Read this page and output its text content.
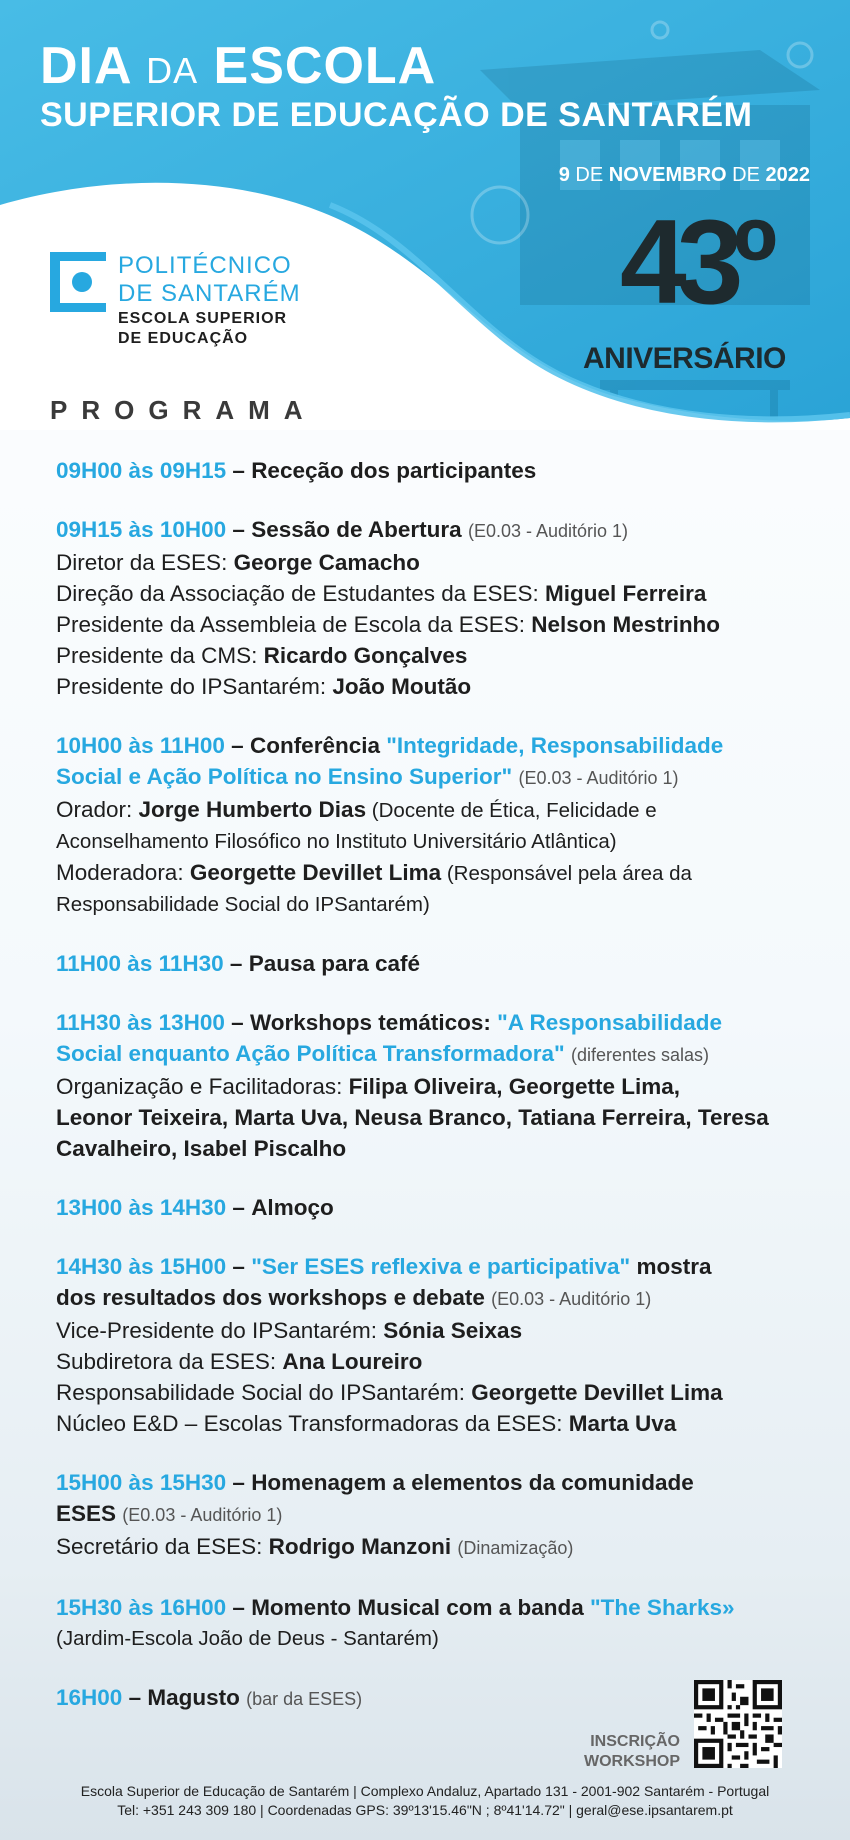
DIA DA ESCOLA
SUPERIOR DE EDUCAÇÃO DE SANTARÉM
9 DE NOVEMBRO DE 2022
POLITÉCNICO
DE SANTARÉM
ESCOLA SUPERIOR
DE EDUCAÇÃO
43º
ANIVERSÁRIO
PROGRAMA
09H00 às 09H15 – Receção dos participantes
09H15 às 10H00 – Sessão de Abertura (E0.03 - Auditório 1)
Diretor da ESES: George Camacho
Direção da Associação de Estudantes da ESES: Miguel Ferreira
Presidente da Assembleia de Escola da ESES: Nelson Mestrinho
Presidente da CMS: Ricardo Gonçalves
Presidente do IPSantarém: João Moutão
10H00 às 11H00 – Conferência "Integridade, Responsabilidade
Social e Ação Política no Ensino Superior" (E0.03 - Auditório 1)
Orador: Jorge Humberto Dias (Docente de Ética, Felicidade e
Aconselhamento Filosófico no Instituto Universitário Atlântica)
Moderadora: Georgette Devillet Lima (Responsável pela área da
Responsabilidade Social do IPSantarém)
11H00 às 11H30 – Pausa para café
11H30 às 13H00 – Workshops temáticos: "A Responsabilidade
Social enquanto Ação Política Transformadora" (diferentes salas)
Organização e Facilitadoras: Filipa Oliveira, Georgette Lima,
Leonor Teixeira, Marta Uva, Neusa Branco, Tatiana Ferreira, Teresa
Cavalheiro, Isabel Piscalho
13H00 às 14H30 – Almoço
14H30 às 15H00 – "Ser ESES reflexiva e participativa" mostra
dos resultados dos workshops e debate (E0.03 - Auditório 1)
Vice-Presidente do IPSantarém: Sónia Seixas
Subdiretora da ESES: Ana Loureiro
Responsabilidade Social do IPSantarém: Georgette Devillet Lima
Núcleo E&D – Escolas Transformadoras da ESES: Marta Uva
15H00 às 15H30 – Homenagem a elementos da comunidade
ESES (E0.03 - Auditório 1)
Secretário da ESES: Rodrigo Manzoni (Dinamização)
15H30 às 16H00 – Momento Musical com a banda "The Sharks»
(Jardim-Escola João de Deus - Santarém)
16H00 – Magusto (bar da ESES)
INSCRIÇÃO
WORKSHOP
Escola Superior de Educação de Santarém | Complexo Andaluz, Apartado 131 - 2001-902 Santarém - Portugal
Tel: +351 243 309 180 | Coordenadas GPS: 39º13'15.46"N ; 8º41'14.72" | geral@ese.ipsantarem.pt
